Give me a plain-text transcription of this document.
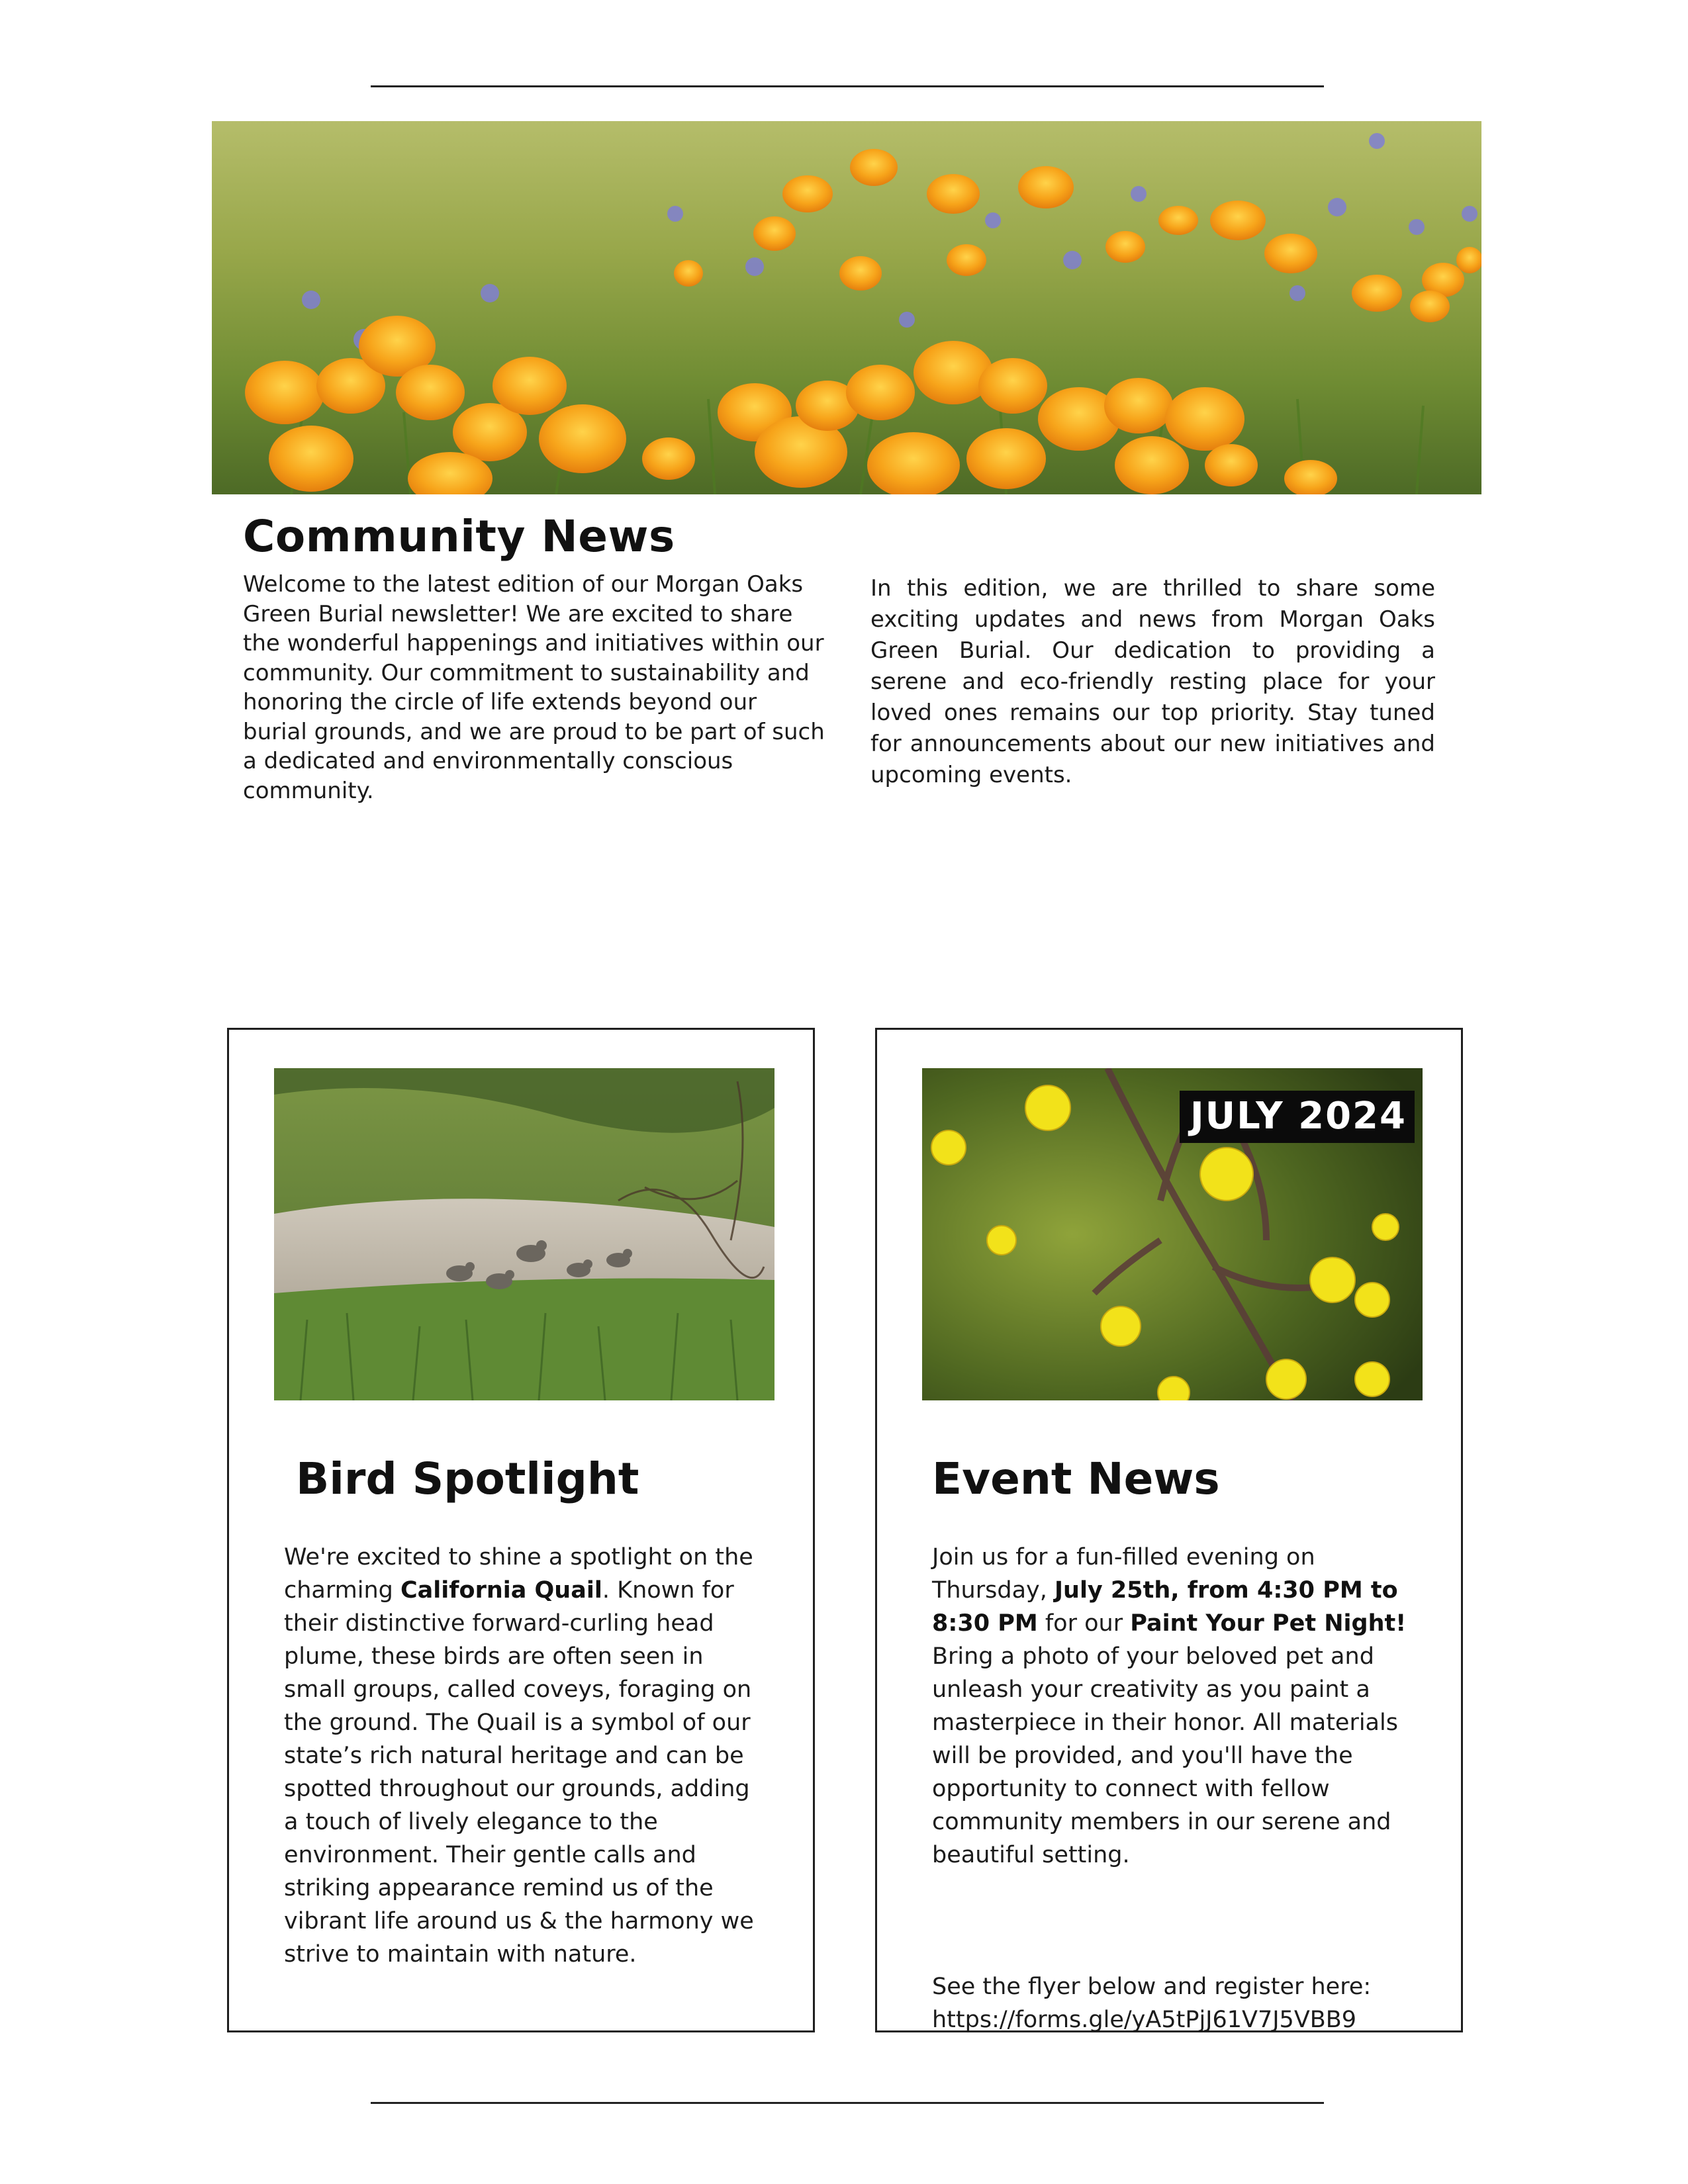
Community News

Welcome to the latest edition of our Morgan Oaks Green Burial newsletter! We are excited to share the wonderful happenings and initiatives within our community. Our commitment to sustainability and honoring the circle of life extends beyond our burial grounds, and we are proud to be part of such a dedicated and environmentally conscious community.

In this edition, we are thrilled to share some exciting updates and news from Morgan Oaks Green Burial. Our dedication to providing a serene and eco-friendly resting place for your loved ones remains our top priority. Stay tuned for announcements about our new initiatives and upcoming events.

Bird Spotlight

We're excited to shine a spotlight on the charming California Quail. Known for their distinctive forward-curling head plume, these birds are often seen in small groups, called coveys, foraging on the ground. The Quail is a symbol of our state’s rich natural heritage and can be spotted throughout our grounds, adding a touch of lively elegance to the environment. Their gentle calls and striking appearance remind us of the vibrant life around us & the harmony we strive to maintain with nature.

JULY 2024
Event News

Join us for a fun-filled evening on Thursday, July 25th, from 4:30 PM to 8:30 PM for our Paint Your Pet Night! Bring a photo of your beloved pet and unleash your creativity as you paint a masterpiece in their honor. All materials will be provided, and you'll have the opportunity to connect with fellow community members in our serene and beautiful setting.

See the flyer below and register here:
https://forms.gle/yA5tPjJ61V7J5VBB9
